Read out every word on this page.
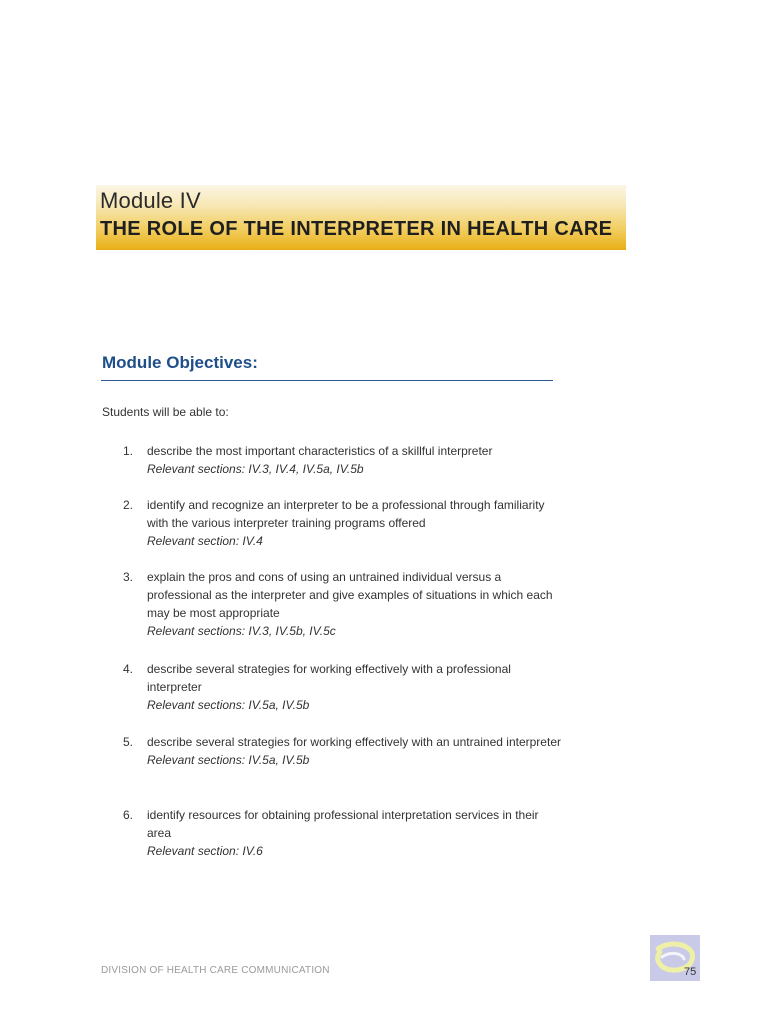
Module IV
THE ROLE OF THE INTERPRETER IN HEALTH CARE
Module Objectives:
Students will be able to:
1.	describe the most important characteristics of a skillful interpreter
Relevant sections: IV.3, IV.4, IV.5a, IV.5b
2.	identify and recognize an interpreter to be a professional through familiarity with the various interpreter training programs offered
Relevant section: IV.4
3.	explain the pros and cons of using an untrained individual versus a professional as the interpreter and give examples of situations in which each may be most appropriate
Relevant sections: IV.3, IV.5b, IV.5c
4.	describe several strategies for working effectively with a professional interpreter
Relevant sections: IV.5a, IV.5b
5.	describe several strategies for working effectively with an untrained interpreter
Relevant sections: IV.5a, IV.5b
6.	identify resources for obtaining professional interpretation services in their area
Relevant section: IV.6
DIVISION OF HEALTH CARE COMMUNICATION	75
